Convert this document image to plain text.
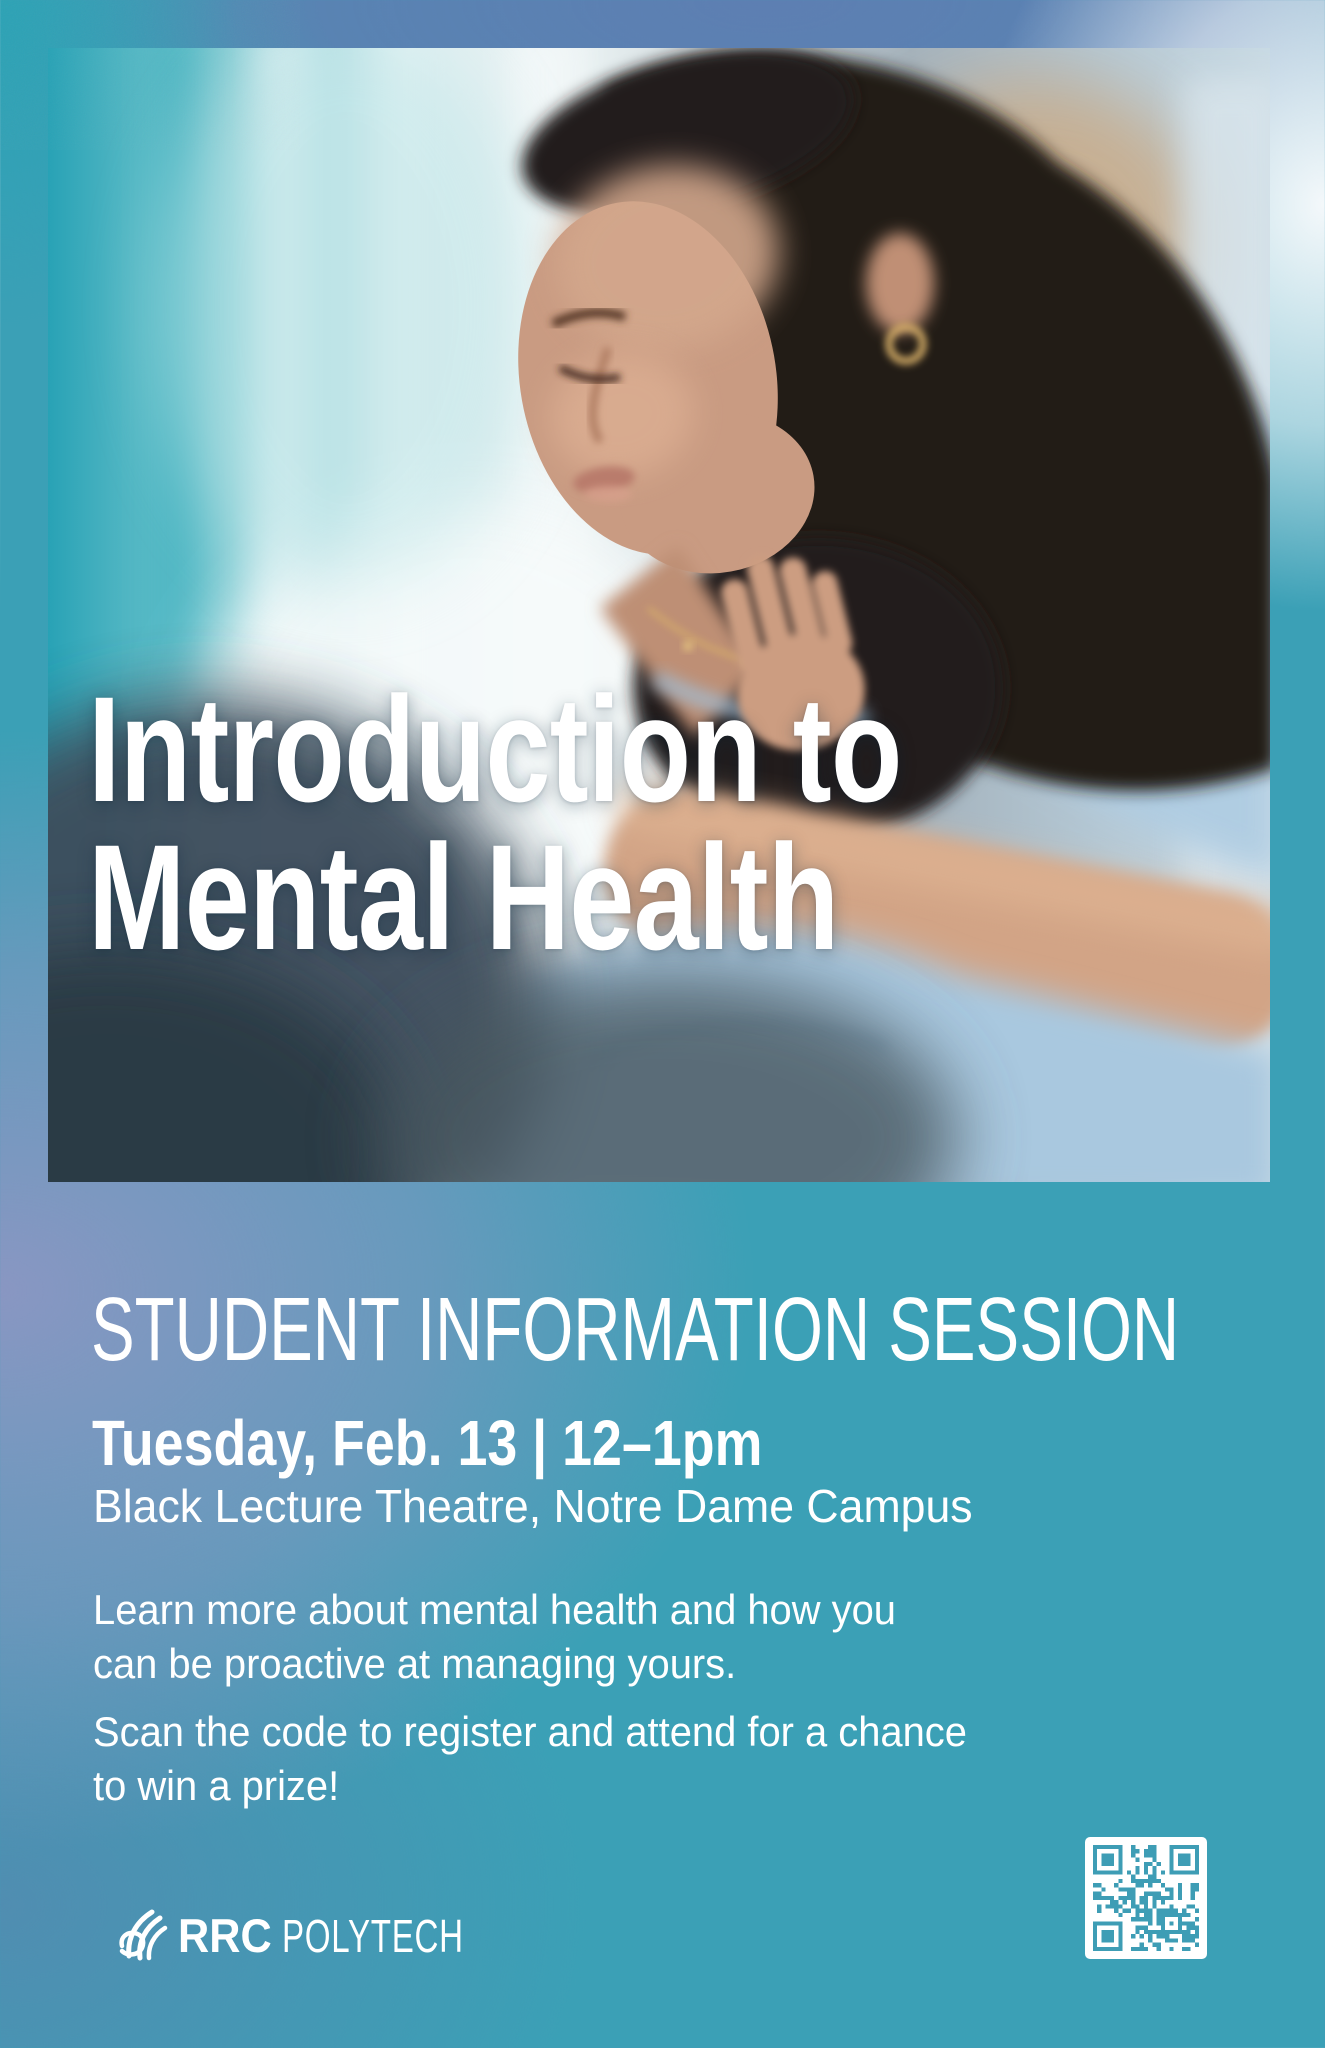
Introduction to
Mental Health
STUDENT INFORMATION SESSION
Tuesday, Feb. 13 | 12–1pm
Black Lecture Theatre, Notre Dame Campus
Learn more about mental health and how you
can be proactive at managing yours.
Scan the code to register and attend for a chance
to win a prize!
RRC POLYTECH
